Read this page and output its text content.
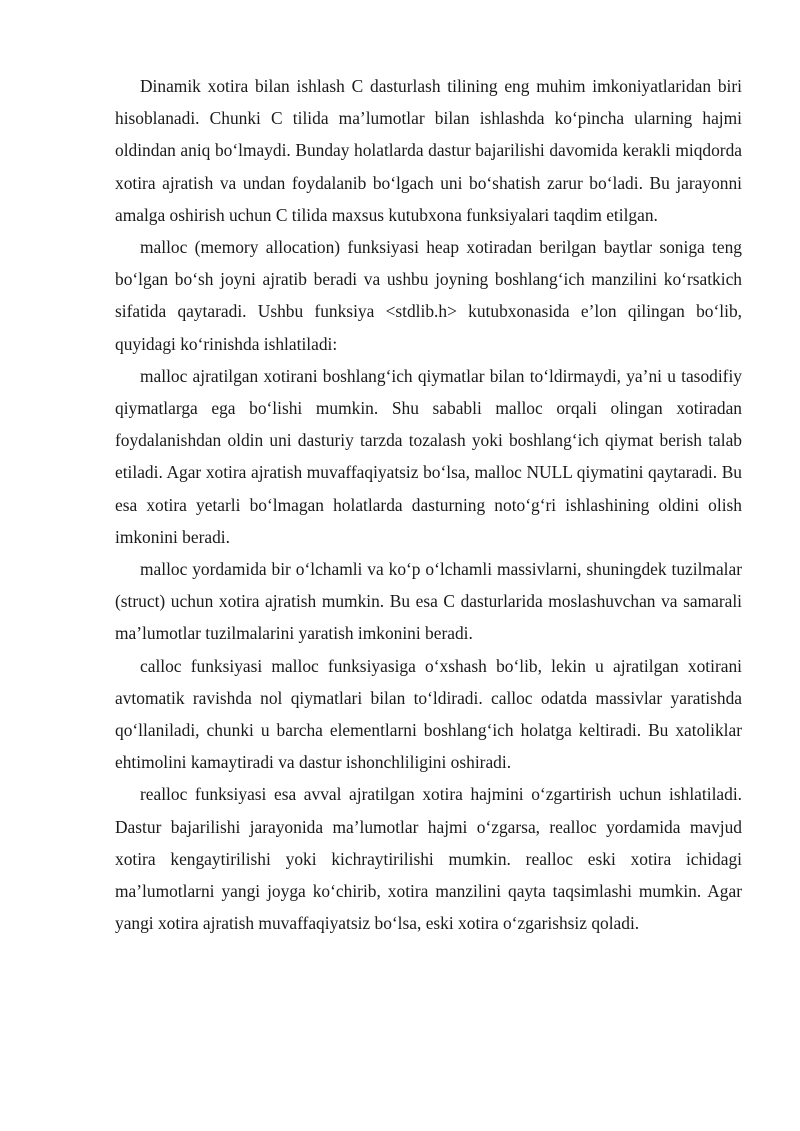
Dinamik xotira bilan ishlash C dasturlash tilining eng muhim imkoniyatlaridan biri hisoblanadi. Chunki C tilida ma’lumotlar bilan ishlashda ko‘pincha ularning hajmi oldindan aniq bo‘lmaydi. Bunday holatlarda dastur bajarilishi davomida kerakli miqdorda xotira ajratish va undan foydalanib bo‘lgach uni bo‘shatish zarur bo‘ladi. Bu jarayonni amalga oshirish uchun C tilida maxsus kutubxona funksiyalari taqdim etilgan.

malloc (memory allocation) funksiyasi heap xotiradan berilgan baytlar soniga teng bo‘lgan bo‘sh joyni ajratib beradi va ushbu joyning boshlang‘ich manzilini ko‘rsatkich sifatida qaytaradi. Ushbu funksiya <stdlib.h> kutubxonasida e’lon qilingan bo‘lib, quyidagi ko‘rinishda ishlatiladi:

malloc ajratilgan xotirani boshlang‘ich qiymatlar bilan to‘ldirmaydi, ya’ni u tasodifiy qiymatlarga ega bo‘lishi mumkin. Shu sababli malloc orqali olingan xotiradan foydalanishdan oldin uni dasturiy tarzda tozalash yoki boshlang‘ich qiymat berish talab etiladi. Agar xotira ajratish muvaffaqiyatsiz bo‘lsa, malloc NULL qiymatini qaytaradi. Bu esa xotira yetarli bo‘lmagan holatlarda dasturning noto‘g‘ri ishlashining oldini olish imkonini beradi.

malloc yordamida bir o‘lchamli va ko‘p o‘lchamli massivlarni, shuningdek tuzilmalar (struct) uchun xotira ajratish mumkin. Bu esa C dasturlarida moslashuvchan va samarali ma’lumotlar tuzilmalarini yaratish imkonini beradi.

calloc funksiyasi malloc funksiyasiga o‘xshash bo‘lib, lekin u ajratilgan xotirani avtomatik ravishda nol qiymatlari bilan to‘ldiradi. calloc odatda massivlar yaratishda qo‘llaniladi, chunki u barcha elementlarni boshlang‘ich holatga keltiradi. Bu xatoliklar ehtimolini kamaytiradi va dastur ishonchliligini oshiradi.

realloc funksiyasi esa avval ajratilgan xotira hajmini o‘zgartirish uchun ishlatiladi. Dastur bajarilishi jarayonida ma’lumotlar hajmi o‘zgarsa, realloc yordamida mavjud xotira kengaytirilishi yoki kichraytirilishi mumkin. realloc eski xotira ichidagi ma’lumotlarni yangi joyga ko‘chirib, xotira manzilini qayta taqsimlashi mumkin. Agar yangi xotira ajratish muvaffaqiyatsiz bo‘lsa, eski xotira o‘zgarishsiz qoladi.
